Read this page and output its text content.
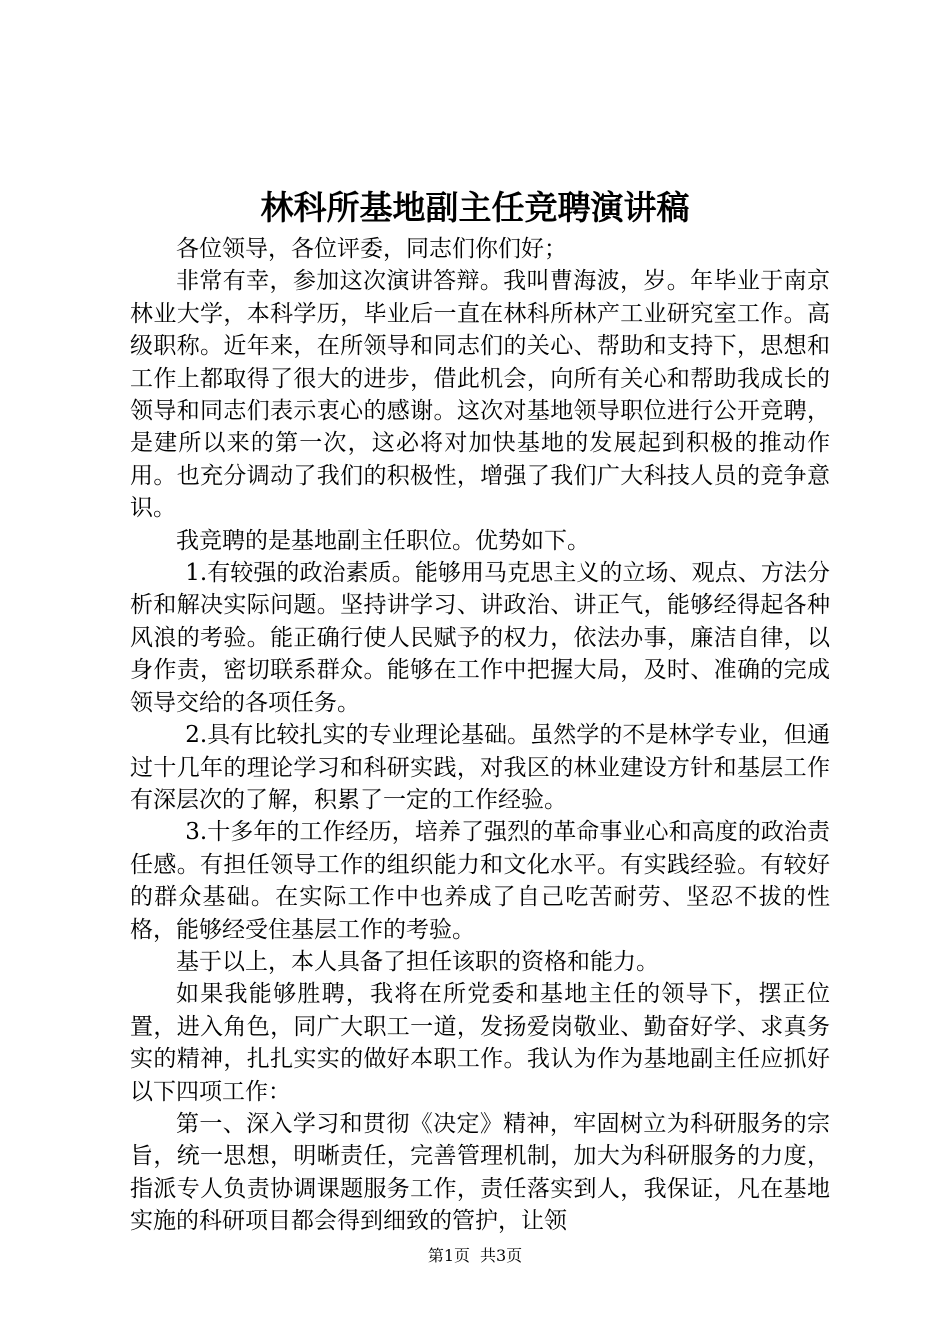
林科所基地副主任竞聘演讲稿

各位领导，各位评委，同志们你们好；

非常有幸，参加这次演讲答辩。我叫曹海波，岁。年毕业于南京林业大学，本科学历，毕业后一直在林科所林产工业研究室工作。高级职称。近年来，在所领导和同志们的关心、帮助和支持下，思想和工作上都取得了很大的进步，借此机会，向所有关心和帮助我成长的领导和同志们表示衷心的感谢。这次对基地领导职位进行公开竞聘，是建所以来的第一次，这必将对加快基地的发展起到积极的推动作用。也充分调动了我们的积极性，增强了我们广大科技人员的竞争意识。

我竞聘的是基地副主任职位。优势如下。

1.有较强的政治素质。能够用马克思主义的立场、观点、方法分析和解决实际问题。坚持讲学习、讲政治、讲正气，能够经得起各种风浪的考验。能正确行使人民赋予的权力，依法办事，廉洁自律，以身作责，密切联系群众。能够在工作中把握大局，及时、准确的完成领导交给的各项任务。

2.具有比较扎实的专业理论基础。虽然学的不是林学专业，但通过十几年的理论学习和科研实践，对我区的林业建设方针和基层工作有深层次的了解，积累了一定的工作经验。

3.十多年的工作经历，培养了强烈的革命事业心和高度的政治责任感。有担任领导工作的组织能力和文化水平。有实践经验。有较好的群众基础。在实际工作中也养成了自己吃苦耐劳、坚忍不拔的性格，能够经受住基层工作的考验。

基于以上，本人具备了担任该职的资格和能力。

如果我能够胜聘，我将在所党委和基地主任的领导下，摆正位置，进入角色，同广大职工一道，发扬爱岗敬业、勤奋好学、求真务实的精神，扎扎实实的做好本职工作。我认为作为基地副主任应抓好以下四项工作：

第一、深入学习和贯彻《决定》精神，牢固树立为科研服务的宗旨，统一思想，明晰责任，完善管理机制，加大为科研服务的力度，指派专人负责协调课题服务工作，责任落实到人，我保证，凡在基地实施的科研项目都会得到细致的管护，让领

第1页 共3页
